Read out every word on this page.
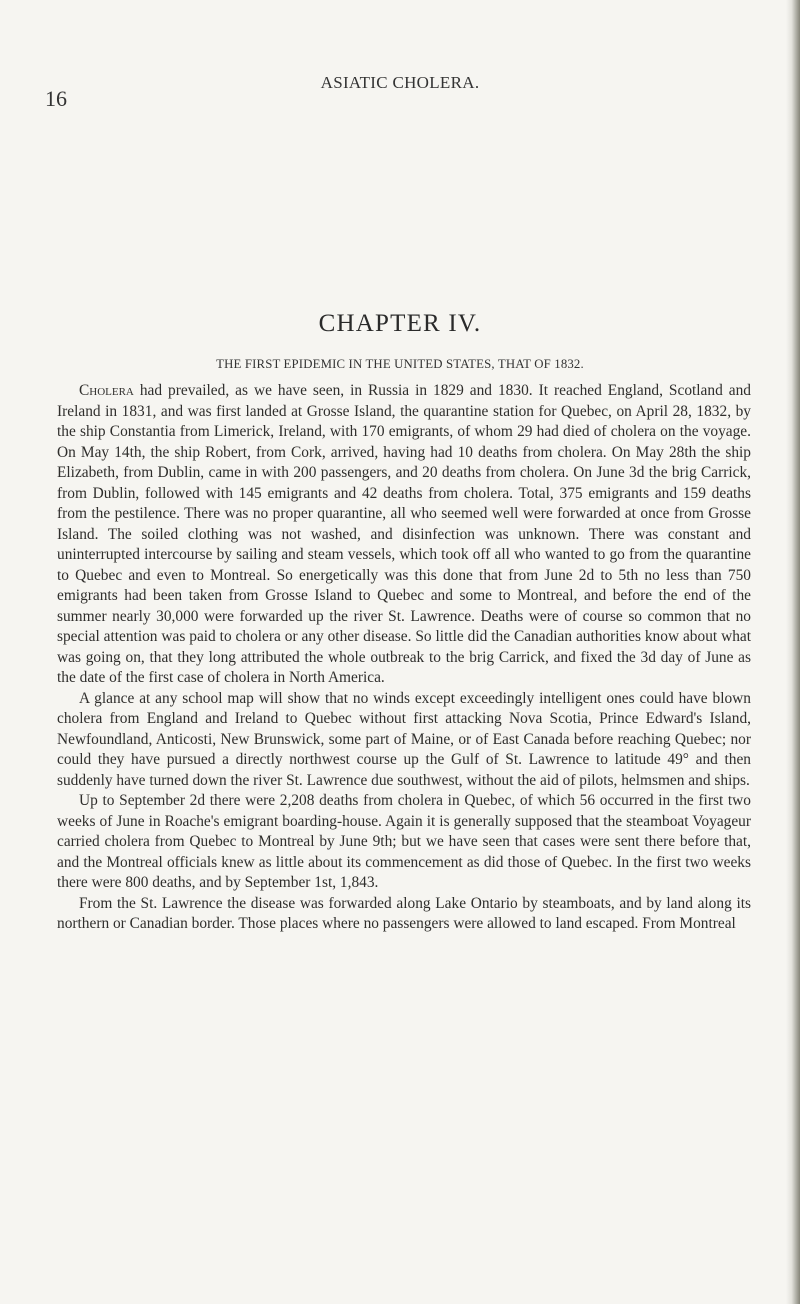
16
ASIATIC CHOLERA.
CHAPTER IV.
THE FIRST EPIDEMIC IN THE UNITED STATES, THAT OF 1832.

Cholera had prevailed, as we have seen, in Russia in 1829 and 1830. It reached England, Scotland and Ireland in 1831, and was first landed at Grosse Island, the quarantine station for Quebec, on April 28, 1832, by the ship Constantia from Limerick, Ireland, with 170 emigrants, of whom 29 had died of cholera on the voyage. On May 14th, the ship Robert, from Cork, arrived, having had 10 deaths from cholera. On May 28th the ship Elizabeth, from Dublin, came in with 200 passengers, and 20 deaths from cholera. On June 3d the brig Carrick, from Dublin, followed with 145 emigrants and 42 deaths from cholera. Total, 375 emigrants and 159 deaths from the pestilence. There was no proper quarantine, all who seemed well were forwarded at once from Grosse Island. The soiled clothing was not washed, and disinfection was unknown. There was constant and uninterrupted intercourse by sailing and steam vessels, which took off all who wanted to go from the quarantine to Quebec and even to Montreal. So energetically was this done that from June 2d to 5th no less than 750 emigrants had been taken from Grosse Island to Quebec and some to Montreal, and before the end of the summer nearly 30,000 were forwarded up the river St. Lawrence. Deaths were of course so common that no special attention was paid to cholera or any other disease. So little did the Canadian authorities know about what was going on, that they long attributed the whole outbreak to the brig Carrick, and fixed the 3d day of June as the date of the first case of cholera in North America.

A glance at any school map will show that no winds except exceedingly intelligent ones could have blown cholera from England and Ireland to Quebec without first attacking Nova Scotia, Prince Edward's Island, Newfoundland, Anticosti, New Brunswick, some part of Maine, or of East Canada before reaching Quebec; nor could they have pursued a directly northwest course up the Gulf of St. Lawrence to latitude 49° and then suddenly have turned down the river St. Lawrence due southwest, without the aid of pilots, helmsmen and ships.

Up to September 2d there were 2,208 deaths from cholera in Quebec, of which 56 occurred in the first two weeks of June in Roache's emigrant boarding-house. Again it is generally supposed that the steamboat Voyageur carried cholera from Quebec to Montreal by June 9th; but we have seen that cases were sent there before that, and the Montreal officials knew as little about its commencement as did those of Quebec. In the first two weeks there were 800 deaths, and by September 1st, 1,843.

From the St. Lawrence the disease was forwarded along Lake Ontario by steamboats, and by land along its northern or Canadian border. Those places where no passengers were allowed to land escaped. From Montreal
